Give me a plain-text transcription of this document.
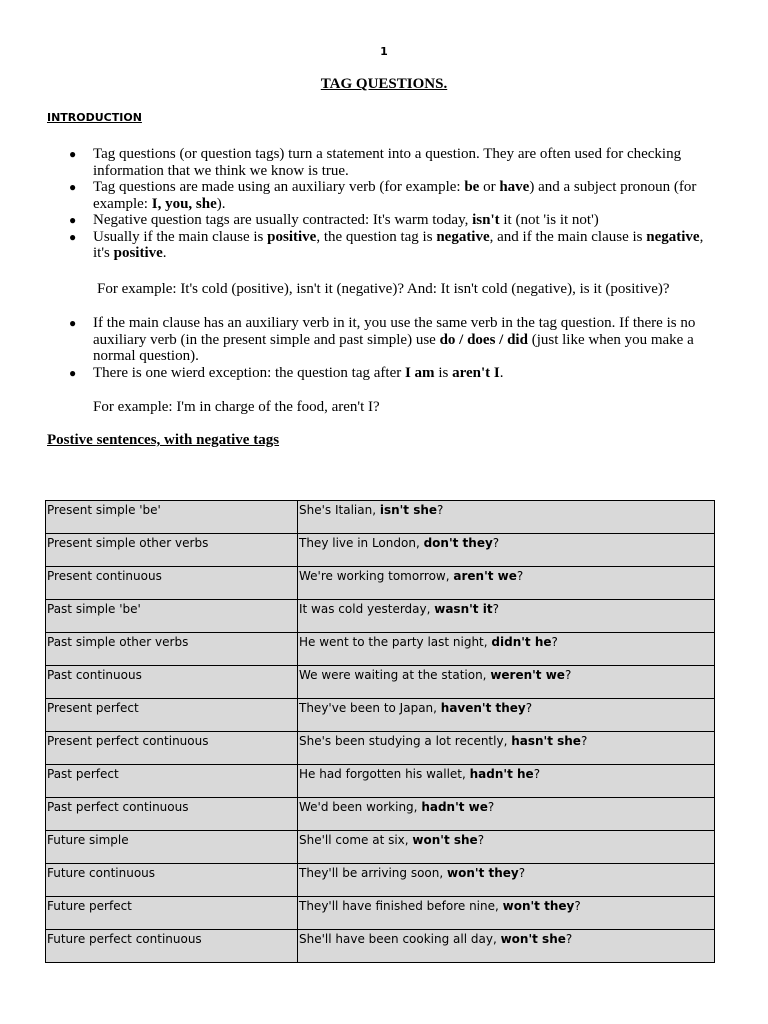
1
TAG QUESTIONS.
INTRODUCTION
● Tag questions (or question tags) turn a statement into a question. They are often used for checking information that we think we know is true.
● Tag questions are made using an auxiliary verb (for example: be or have) and a subject pronoun (for example: I, you, she).
● Negative question tags are usually contracted: It's warm today, isn't it (not 'is it not')
● Usually if the main clause is positive, the question tag is negative, and if the main clause is negative, it's positive.
For example: It's cold (positive), isn't it (negative)? And: It isn't cold (negative), is it (positive)?
● If the main clause has an auxiliary verb in it, you use the same verb in the tag question. If there is no auxiliary verb (in the present simple and past simple) use do / does / did (just like when you make a normal question).
● There is one wierd exception: the question tag after I am is aren't I.
For example: I'm in charge of the food, aren't I?
Postive sentences, with negative tags
Present simple 'be'	She's Italian, isn't she?
Present simple other verbs	They live in London, don't they?
Present continuous	We're working tomorrow, aren't we?
Past simple 'be'	It was cold yesterday, wasn't it?
Past simple other verbs	He went to the party last night, didn't he?
Past continuous	We were waiting at the station, weren't we?
Present perfect	They've been to Japan, haven't they?
Present perfect continuous	She's been studying a lot recently, hasn't she?
Past perfect	He had forgotten his wallet, hadn't he?
Past perfect continuous	We'd been working, hadn't we?
Future simple	She'll come at six, won't she?
Future continuous	They'll be arriving soon, won't they?
Future perfect	They'll have finished before nine, won't they?
Future perfect continuous	She'll have been cooking all day, won't she?
